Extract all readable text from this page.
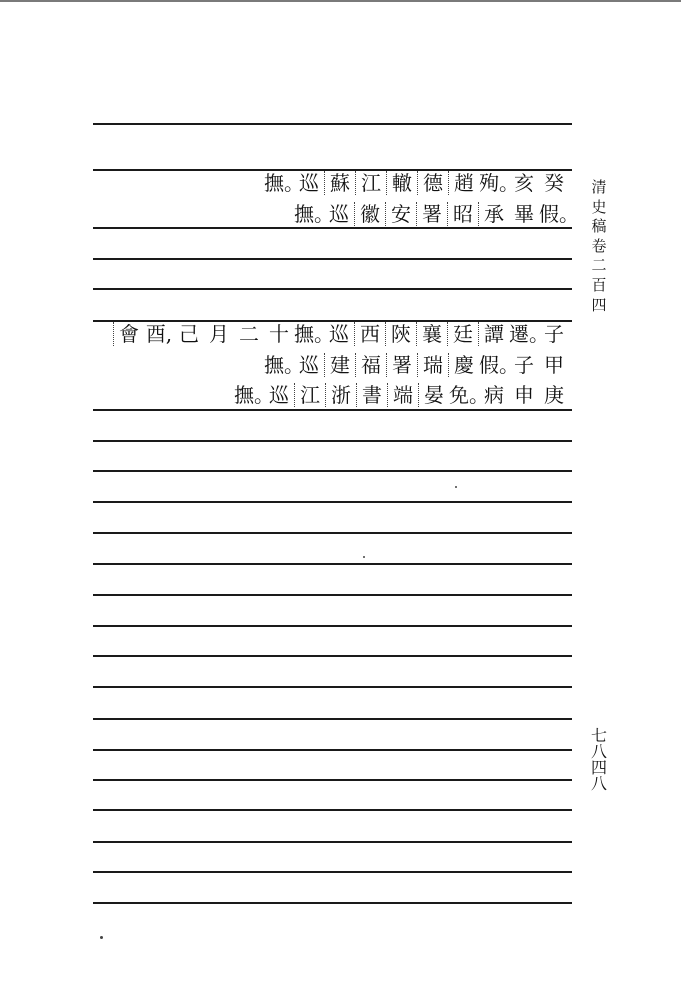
清史稿卷二百四
七八四八
撫。
巡 蘇 江 轍 德 趙 殉。
亥 癸
撫。
巡 徽 安 署 昭 承 畢 假。
會 酉, 己 月 二 十 撫。
巡 西 陝 襄 廷 譚 遷。
子
撫。
巡 建 福 署 瑞 慶 假。
子 甲
撫。
巡 江 浙 書 端 晏 免。
病 申 庚
